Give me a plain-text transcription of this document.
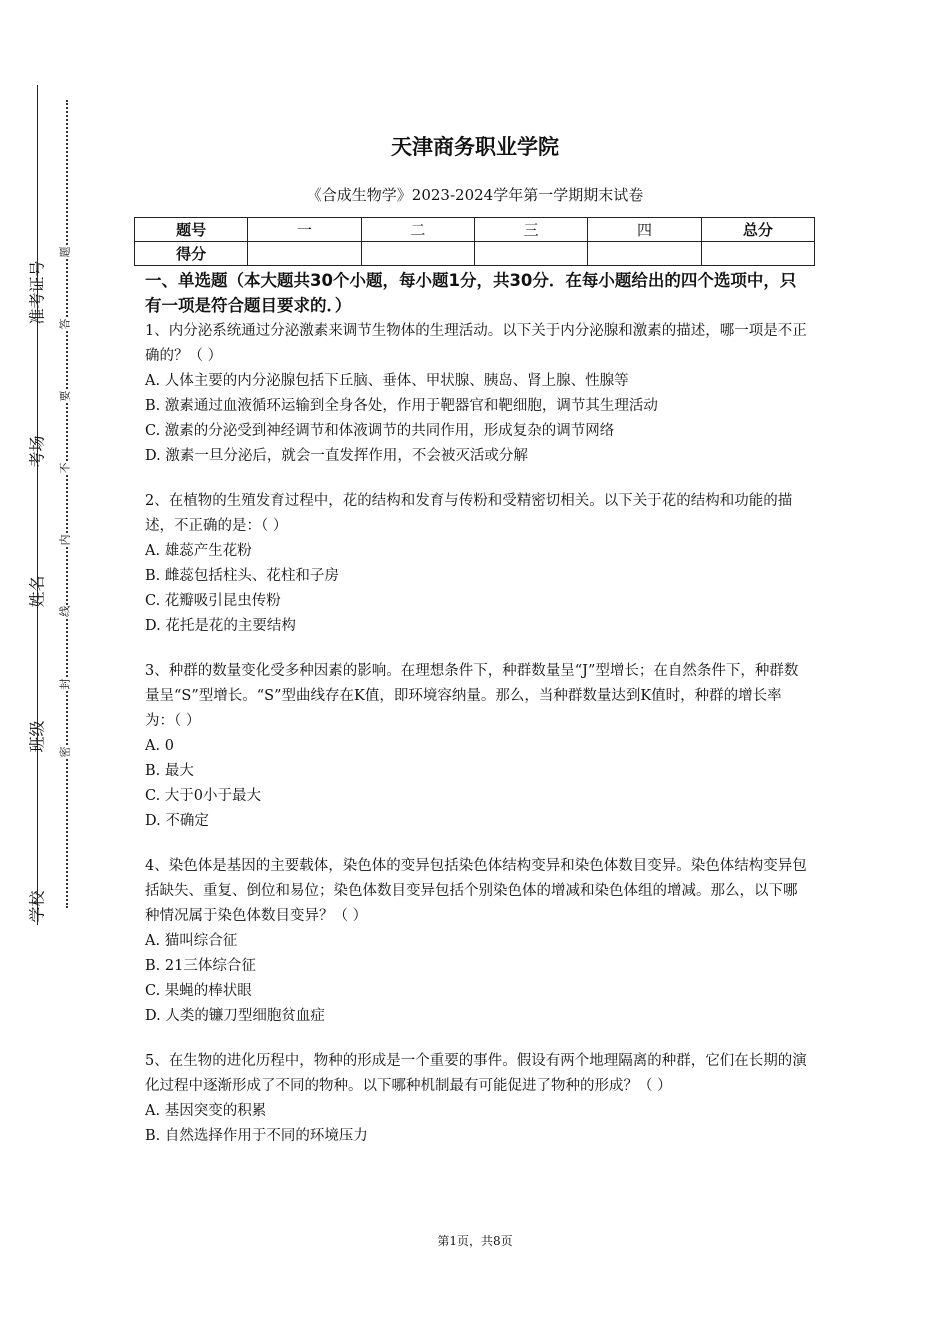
学校
班级
姓名
考场
准考证号
密
封
线
内
不
要
答
题
天津商务职业学院
《合成生物学》2023-2024学年第一学期期末试卷
题号	一	二	三	四	总分
得分					
一、单选题（本大题共30个小题，每小题1分，共30分．在每小题给出的四个选项中，只有一项是符合题目要求的．）
1、内分泌系统通过分泌激素来调节生物体的生理活动。以下关于内分泌腺和激素的描述，哪一项是不正确的？（ ）
A. 人体主要的内分泌腺包括下丘脑、垂体、甲状腺、胰岛、肾上腺、性腺等
B. 激素通过血液循环运输到全身各处，作用于靶器官和靶细胞，调节其生理活动
C. 激素的分泌受到神经调节和体液调节的共同作用，形成复杂的调节网络
D. 激素一旦分泌后，就会一直发挥作用，不会被灭活或分解
2、在植物的生殖发育过程中，花的结构和发育与传粉和受精密切相关。以下关于花的结构和功能的描述，不正确的是：（ ）
A. 雄蕊产生花粉
B. 雌蕊包括柱头、花柱和子房
C. 花瓣吸引昆虫传粉
D. 花托是花的主要结构
3、种群的数量变化受多种因素的影响。在理想条件下，种群数量呈“J”型增长；在自然条件下，种群数量呈“S”型增长。“S”型曲线存在K值，即环境容纳量。那么，当种群数量达到K值时，种群的增长率为：（ ）
A. 0
B. 最大
C. 大于0小于最大
D. 不确定
4、染色体是基因的主要载体，染色体的变异包括染色体结构变异和染色体数目变异。染色体结构变异包括缺失、重复、倒位和易位；染色体数目变异包括个别染色体的增减和染色体组的增减。那么，以下哪种情况属于染色体数目变异？（ ）
A. 猫叫综合征
B. 21三体综合征
C. 果蝇的棒状眼
D. 人类的镰刀型细胞贫血症
5、在生物的进化历程中，物种的形成是一个重要的事件。假设有两个地理隔离的种群，它们在长期的演化过程中逐渐形成了不同的物种。以下哪种机制最有可能促进了物种的形成？（ ）
A. 基因突变的积累
B. 自然选择作用于不同的环境压力
第1页，共8页
